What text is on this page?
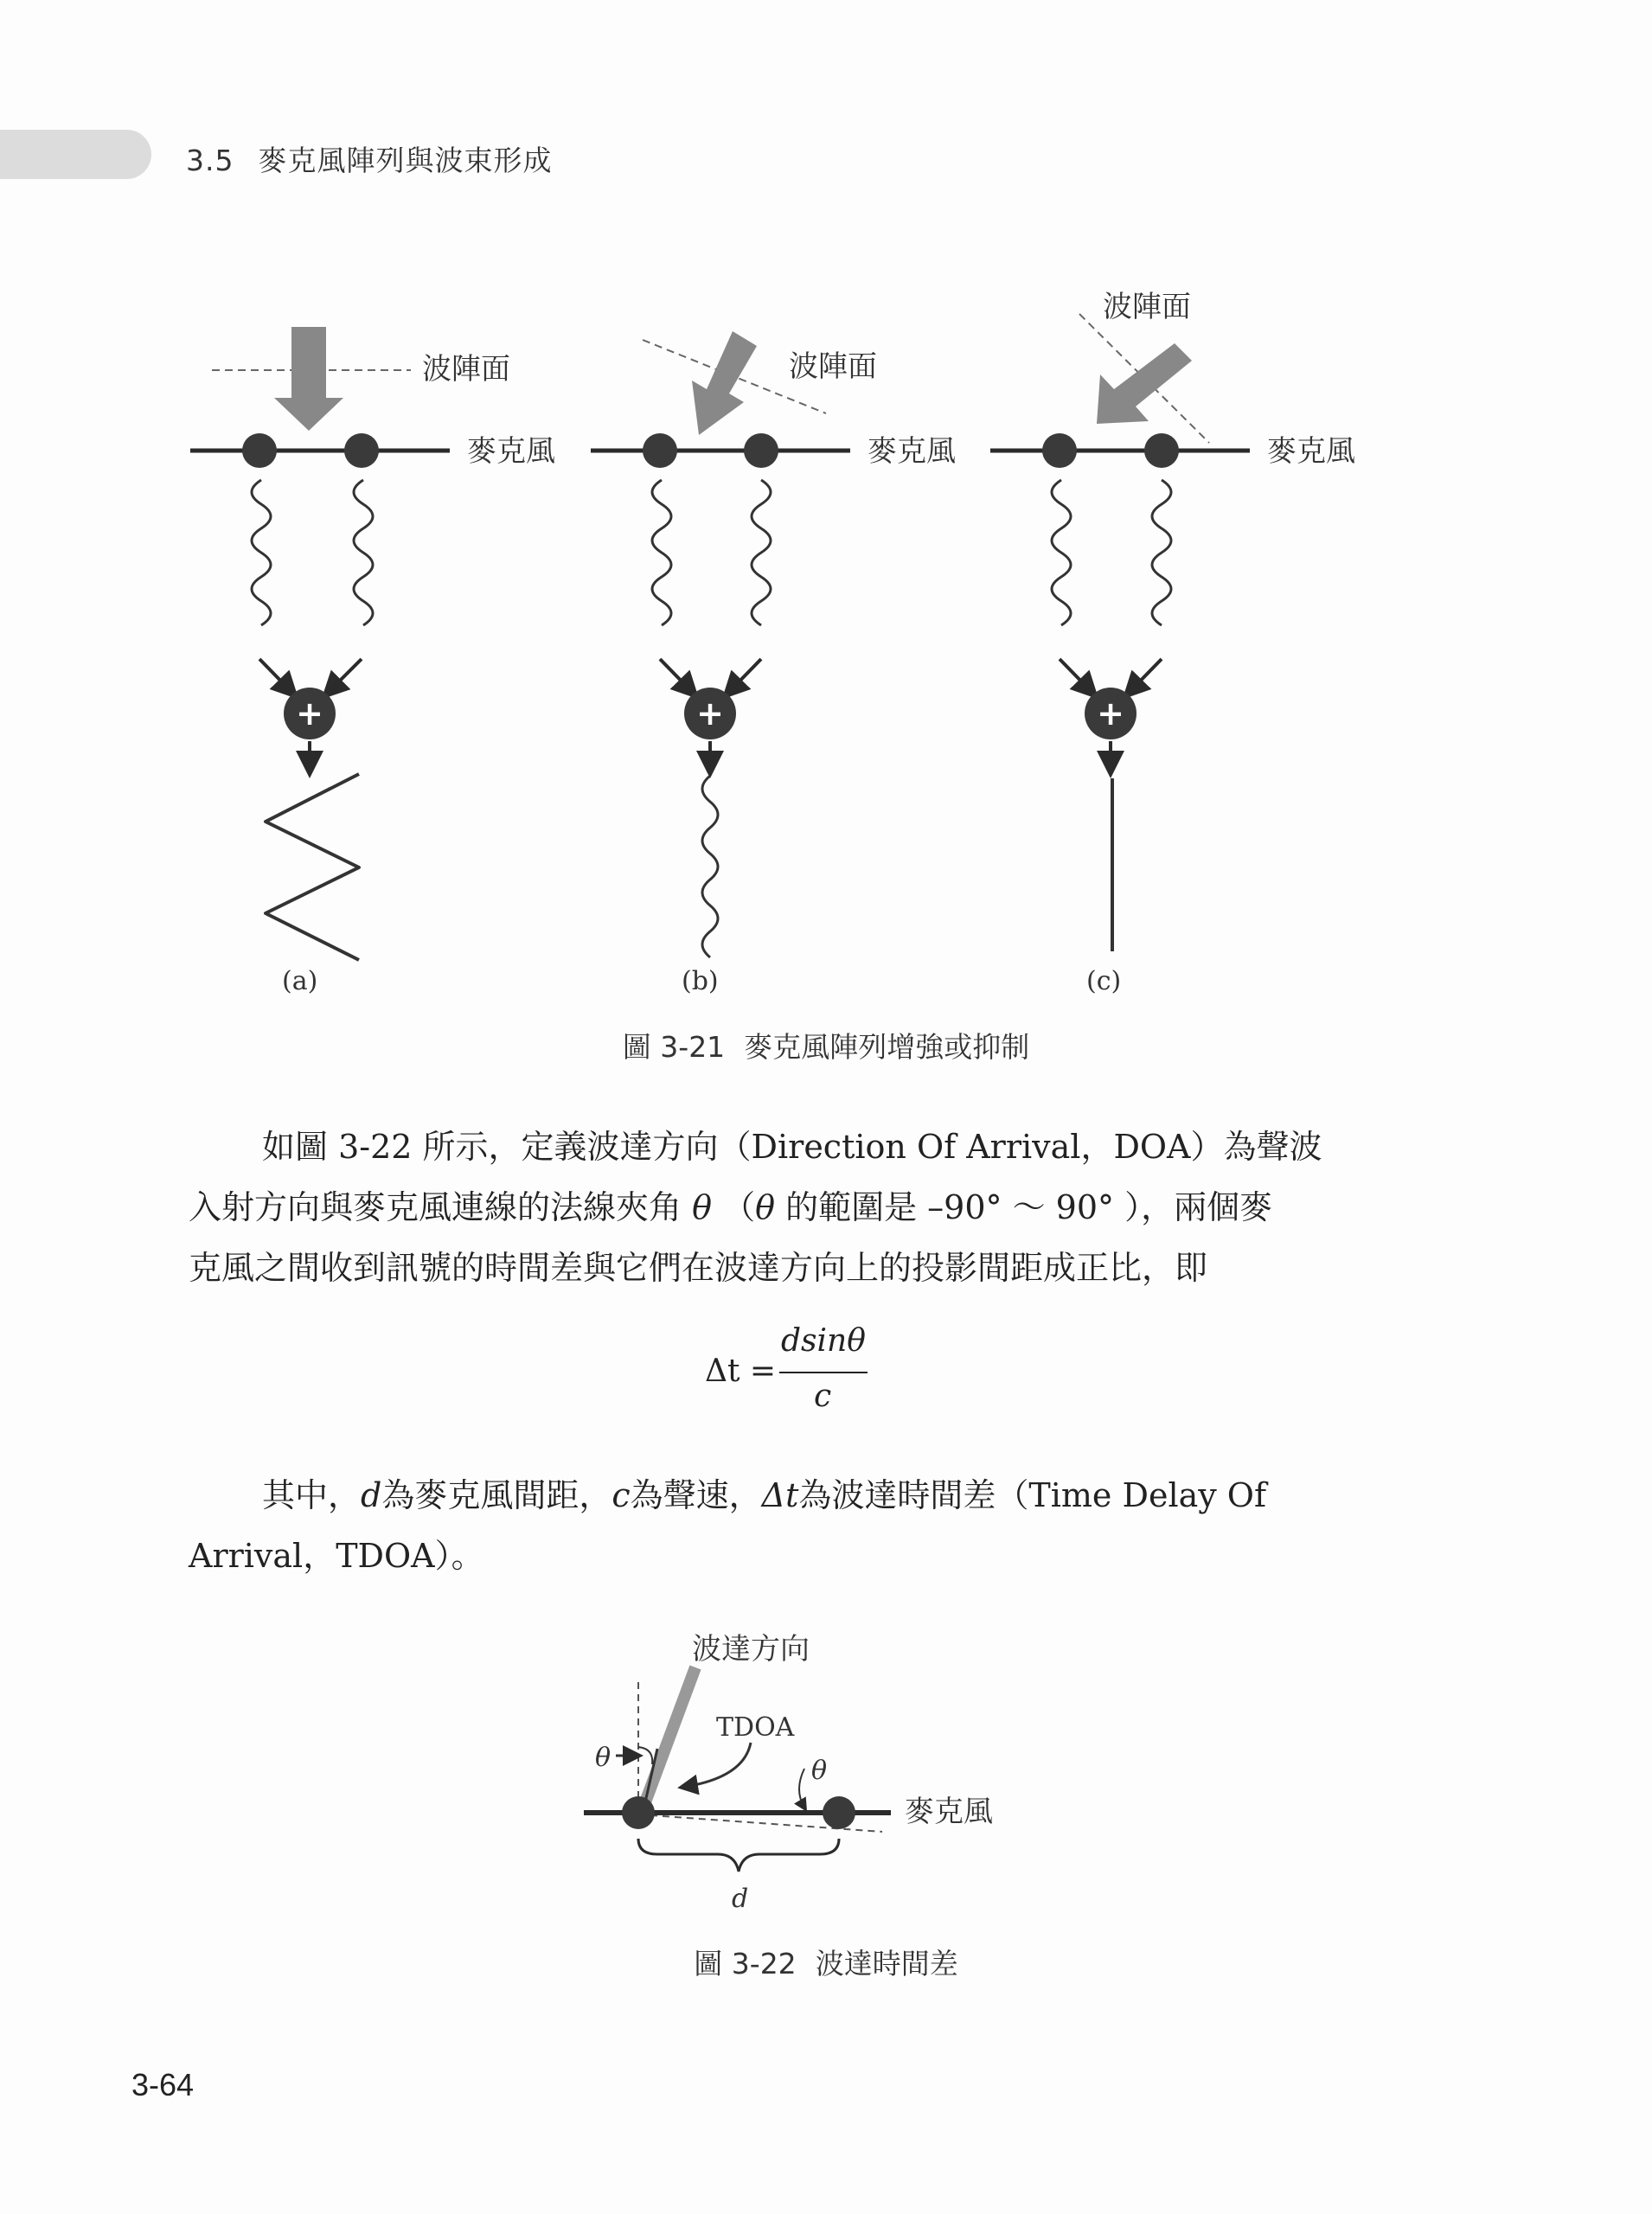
3.5 麥克風陣列與波束形成
波陣面
麥克風
+
(a)
波陣面
麥克風
+
(b)
波陣面
麥克風
+
(c)
波達方向
TDOA
θ	θ
麥克風
d
圖 3-21 麥克風陣列增強或抑制
如圖 3-22 所示，定義波達方向（Direction Of Arrival，DOA）為聲波
入射方向與麥克風連線的法線夾角 θ （θ 的範圍是 –90° ～ 90° ），兩個麥
克風之間收到訊號的時間差與它們在波達方向上的投影間距成正比，即
Δt =
dsinθ
c
其中，d為麥克風間距，c為聲速，Δt為波達時間差（Time Delay Of
Arrival，TDOA）。
圖 3-22 波達時間差
3-64
